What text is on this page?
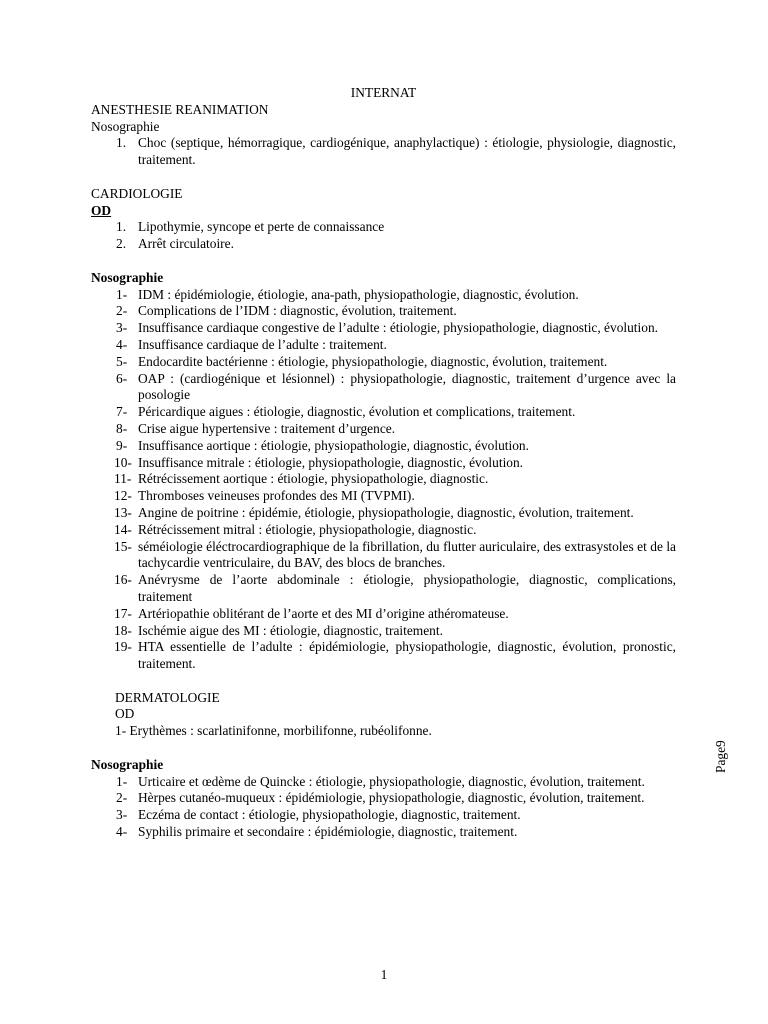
INTERNAT
ANESTHESIE REANIMATION
Nosographie
1. Choc (septique, hémorragique, cardiogénique, anaphylactique) : étiologie, physiologie, diagnostic, traitement.
CARDIOLOGIE
OD
1. Lipothymie, syncope et perte de connaissance
2. Arrêt circulatoire.
Nosographie
1- IDM : épidémiologie, étiologie, ana-path, physiopathologie, diagnostic, évolution.
2- Complications de l’IDM : diagnostic, évolution, traitement.
3- Insuffisance cardiaque congestive de l’adulte : étiologie, physiopathologie, diagnostic, évolution.
4- Insuffisance cardiaque de l’adulte : traitement.
5- Endocardite bactérienne : étiologie, physiopathologie, diagnostic, évolution, traitement.
6- OAP : (cardiogénique et lésionnel) : physiopathologie, diagnostic, traitement d’urgence avec la posologie
7- Péricardique aigues : étiologie, diagnostic, évolution et complications, traitement.
8- Crise aigue hypertensive : traitement d’urgence.
9- Insuffisance aortique : étiologie, physiopathologie, diagnostic, évolution.
10- Insuffisance mitrale : étiologie, physiopathologie, diagnostic, évolution.
11- Rétrécissement aortique : étiologie, physiopathologie, diagnostic.
12- Thromboses veineuses profondes des MI (TVPMI).
13- Angine de poitrine : épidémie, étiologie, physiopathologie, diagnostic, évolution, traitement.
14- Rétrécissement mitral : étiologie, physiopathologie, diagnostic.
15- séméiologie éléctrocardiographique de la fibrillation, du flutter auriculaire, des extrasystoles et de la tachycardie ventriculaire, du BAV, des blocs de branches.
16- Anévrysme de l’aorte abdominale : étiologie, physiopathologie, diagnostic, complications, traitement
17- Artériopathie oblitérant de l’aorte et des MI d’origine athéromateuse.
18- Ischémie aigue des MI : étiologie, diagnostic, traitement.
19- HTA essentielle de l’adulte : épidémiologie, physiopathologie, diagnostic, évolution, pronostic, traitement.
DERMATOLOGIE
OD
1- Erythèmes : scarlatinifonne, morbilifonne, rubéolifonne.
Nosographie
1- Urticaire et œdème de Quincke : étiologie, physiopathologie, diagnostic, évolution, traitement.
2- Hèrpes cutanéo-muqueux : épidémiologie, physiopathologie, diagnostic, évolution, traitement.
3- Eczéma de contact : étiologie, physiopathologie, diagnostic, traitement.
4- Syphilis primaire et secondaire : épidémiologie, diagnostic, traitement.
Page9
1
